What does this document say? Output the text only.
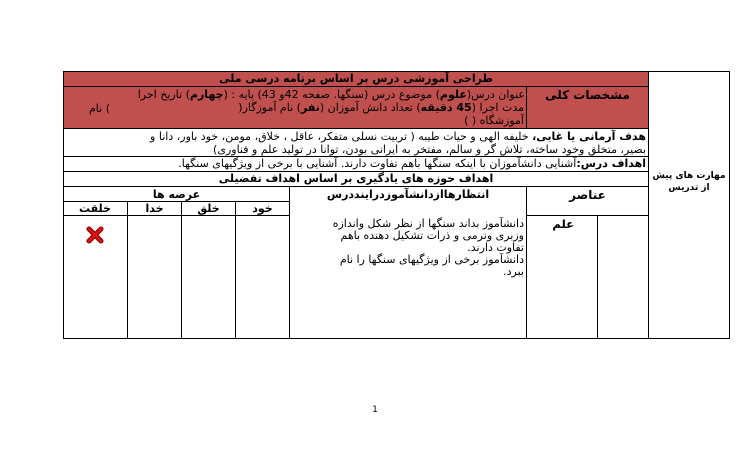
مهارت های پیش
از تدریس
طراحی آموزشی درس بر اساس برنامه درسی ملی
مشخصات کلی
عنوان درس(علوم) موضوع درس (سنگها. صفحه 42و 43) پایه : (چهارم) تاریخ اجرا
) نام	مدت اجرا (45 دقیقه) تعداد دانش آموزان (نفر) نام آموزگار(
آموزشگاه ( )
هدف آرمانی یا غایی، خلیفه الهی و حیات طیبه ( تربیت نسلی متفکر، عاقل ، خلاق، مومن، خود باور، دانا و
بصیر، متخلق وخود ساخته، تلاش گر و سالم، مفتخر به ایرانی بودن، توانا در تولید علم و فناوری)
اهداف درس:آشنایی دانشآموزان با اینکه سنگها باهم تفاوت دارند. آشنایی با برخی از ویژگیهای سنگها.
اهداف حوزه های یادگیری بر اساس اهداف تفضیلی
عناصر
انتظارهاازدانشآموزدراینددرس
عرصه ها
خود
خلق
خدا
خلقت
علم
دانشآموز بداند سنگها از نظر شکل واندازه
وزبری ونرمی و ذرات تشکیل دهنده باهم
تفاوت دارند.
دانشآموز برخی از ویژگیهای سنگها را نام
ببرد.
1
